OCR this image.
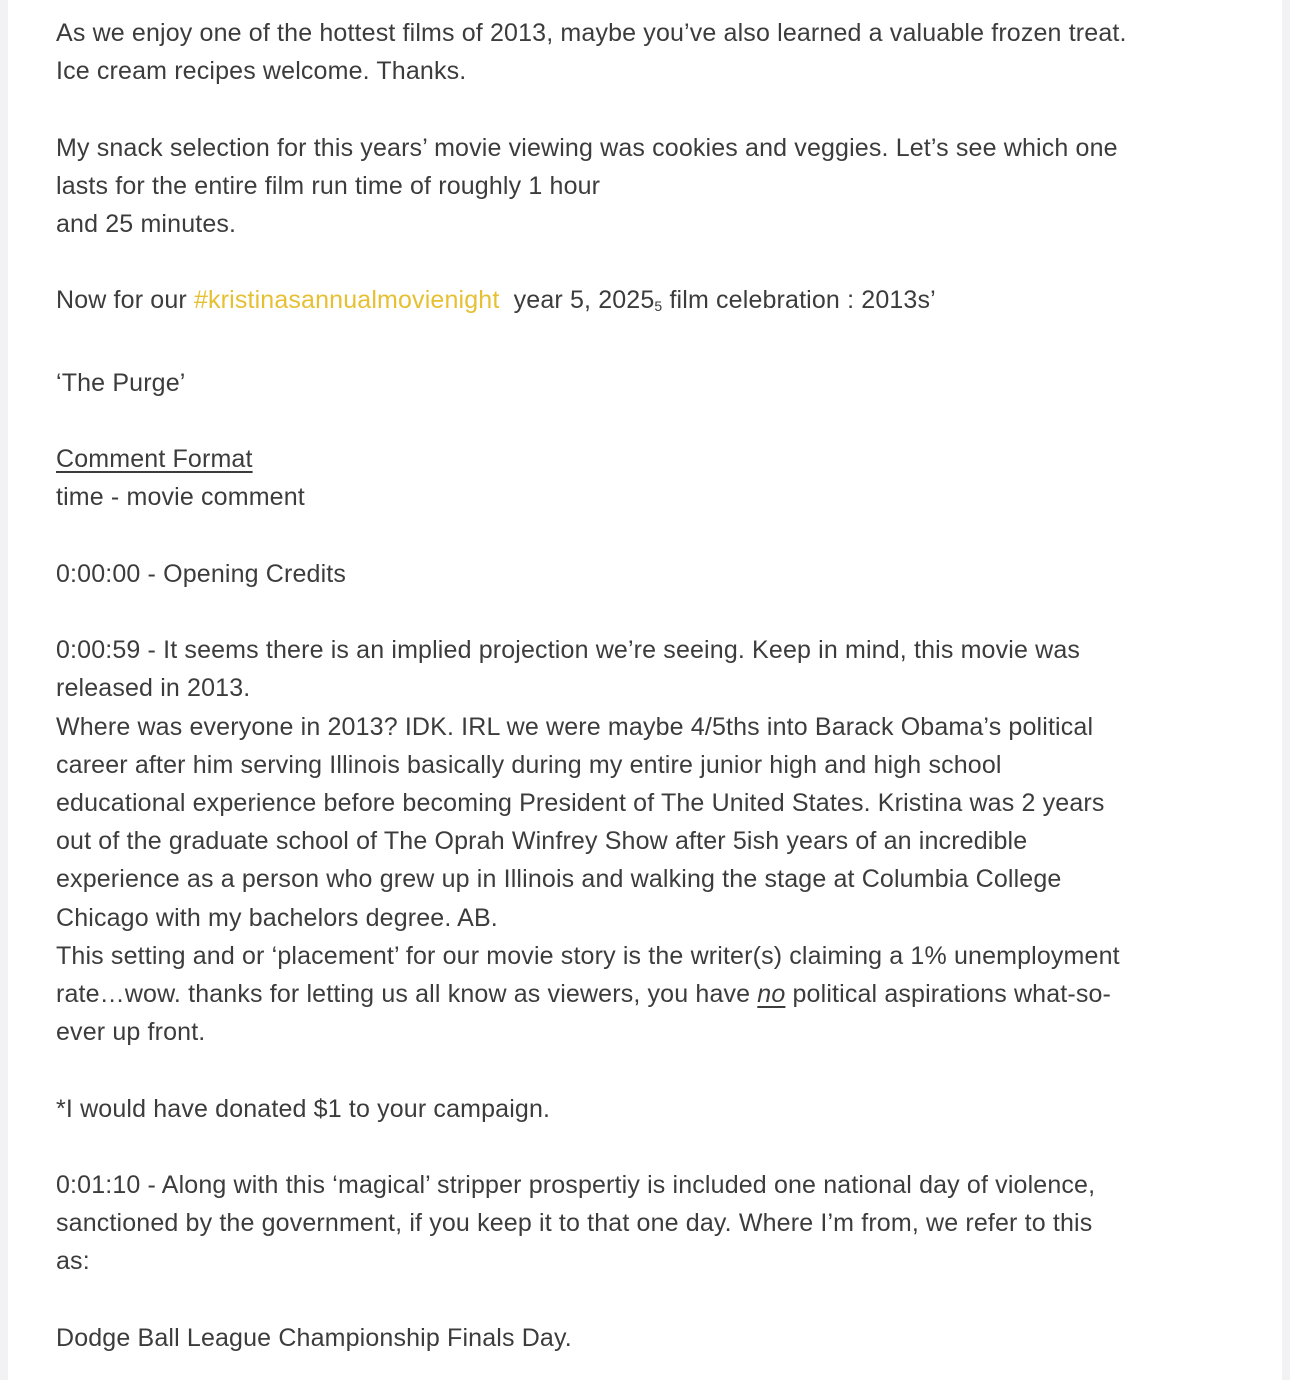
As we enjoy one of the hottest films of 2013, maybe you’ve also learned a valuable frozen treat.
Ice cream recipes welcome. Thanks.

My snack selection for this years’ movie viewing was cookies and veggies. Let’s see which one
lasts for the entire film run time of roughly 1 hour
and 25 minutes.

Now for our #kristinasannualmovienight  year 5, $2025_5$ film celebration : 2013s’

‘The Purge’

Comment Format
time - movie comment

0:00:00 - Opening Credits

0:00:59 - It seems there is an implied projection we’re seeing. Keep in mind, this movie was
released in 2013.
Where was everyone in 2013? IDK. IRL we were maybe 4/5ths into Barack Obama’s political
career after him serving Illinois basically during my entire junior high and high school
educational experience before becoming President of The United States. Kristina was 2 years
out of the graduate school of The Oprah Winfrey Show after 5ish years of an incredible
experience as a person who grew up in Illinois and walking the stage at Columbia College
Chicago with my bachelors degree. AB.
This setting and or ‘placement’ for our movie story is the writer(s) claiming a 1% unemployment
rate…wow. thanks for letting us all know as viewers, you have no political aspirations what-so-
ever up front.

*I would have donated $1 to your campaign.

0:01:10 - Along with this ‘magical’ stripper prospertiy is included one national day of violence,
sanctioned by the government, if you keep it to that one day. Where I’m from, we refer to this
as:

Dodge Ball League Championship Finals Day.
